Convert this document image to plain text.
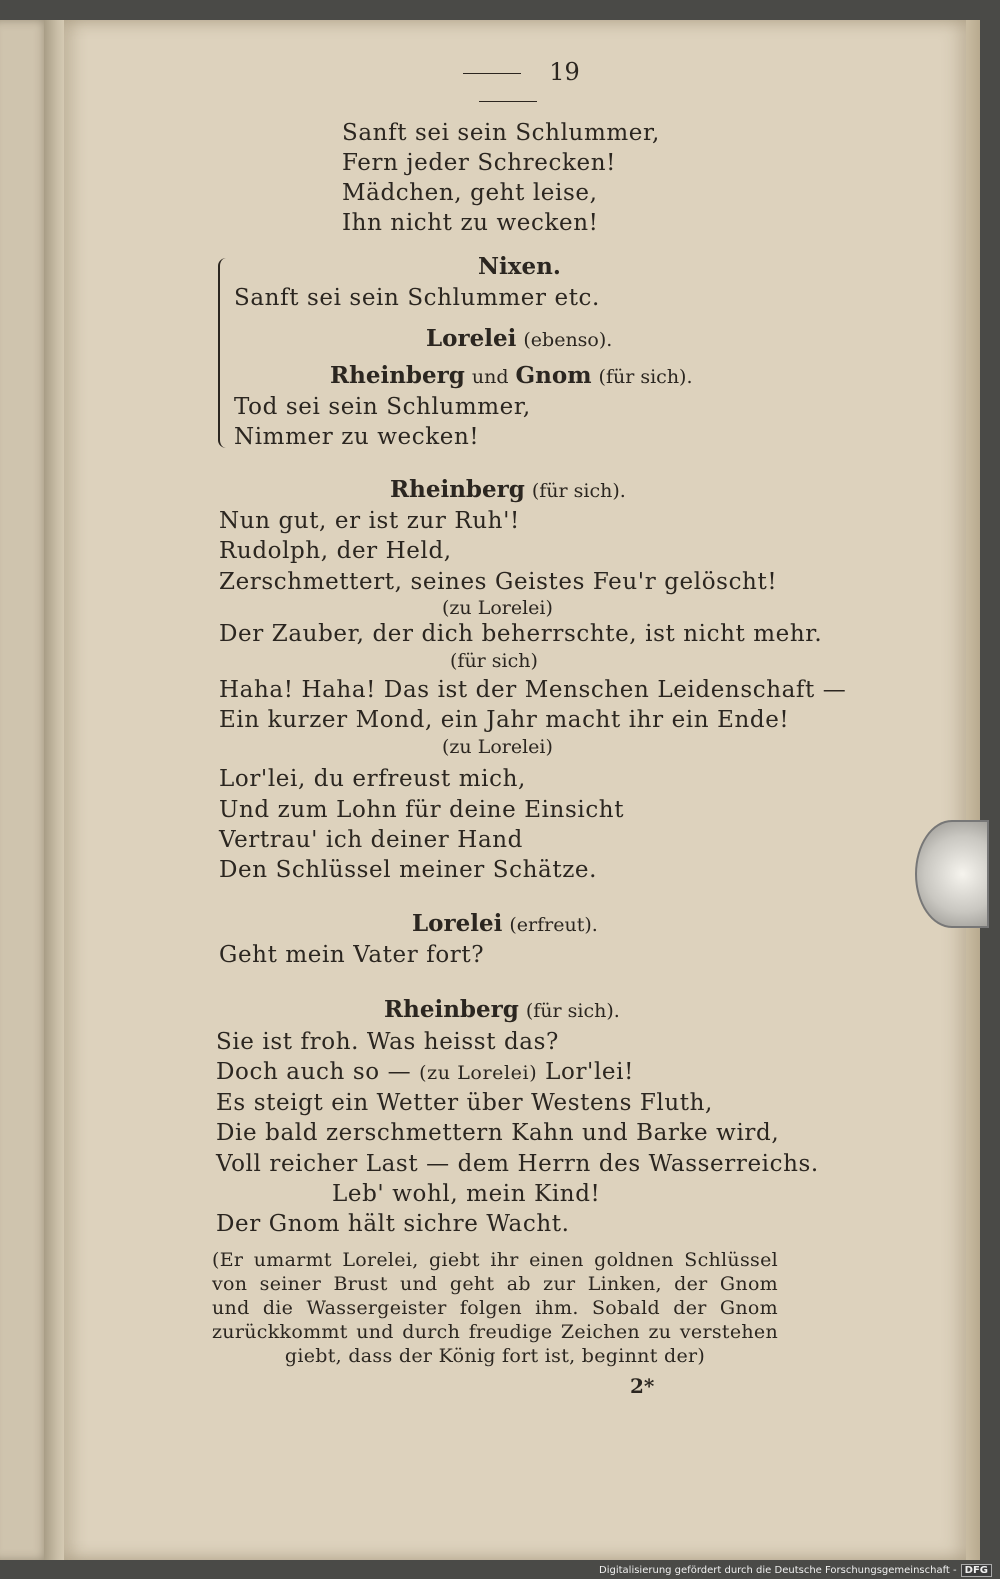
19
Sanft sei sein Schlummer,
Fern jeder Schrecken!
Mädchen, geht leise,
Ihn nicht zu wecken!
Nixen.
Sanft sei sein Schlummer etc.
Lorelei (ebenso).
Rheinberg und Gnom (für sich).
Tod sei sein Schlummer,
Nimmer zu wecken!
Rheinberg (für sich).
Nun gut, er ist zur Ruh'!
Rudolph, der Held,
Zerschmettert, seines Geistes Feu'r gelöscht!
(zu Lorelei)
Der Zauber, der dich beherrschte, ist nicht mehr.
(für sich)
Haha! Haha! Das ist der Menschen Leidenschaft —
Ein kurzer Mond, ein Jahr macht ihr ein Ende!
(zu Lorelei)
Lor'lei, du erfreust mich,
Und zum Lohn für deine Einsicht
Vertrau' ich deiner Hand
Den Schlüssel meiner Schätze.
Lorelei (erfreut).
Geht mein Vater fort?
Rheinberg (für sich).
Sie ist froh. Was heisst das?
Doch auch so — (zu Lorelei) Lor'lei!
Es steigt ein Wetter über Westens Fluth,
Die bald zerschmettern Kahn und Barke wird,
Voll reicher Last — dem Herrn des Wasserreichs.
Leb' wohl, mein Kind!
Der Gnom hält sichre Wacht.
(Er umarmt Lorelei, giebt ihr einen goldnen Schlüssel
von seiner Brust und geht ab zur Linken, der Gnom
und die Wassergeister folgen ihm. Sobald der Gnom
zurückkommt und durch freudige Zeichen zu verstehen
giebt, dass der König fort ist, beginnt der)
2*
Digitalisierung gefördert durch die Deutsche Forschungsgemeinschaft - DFG
